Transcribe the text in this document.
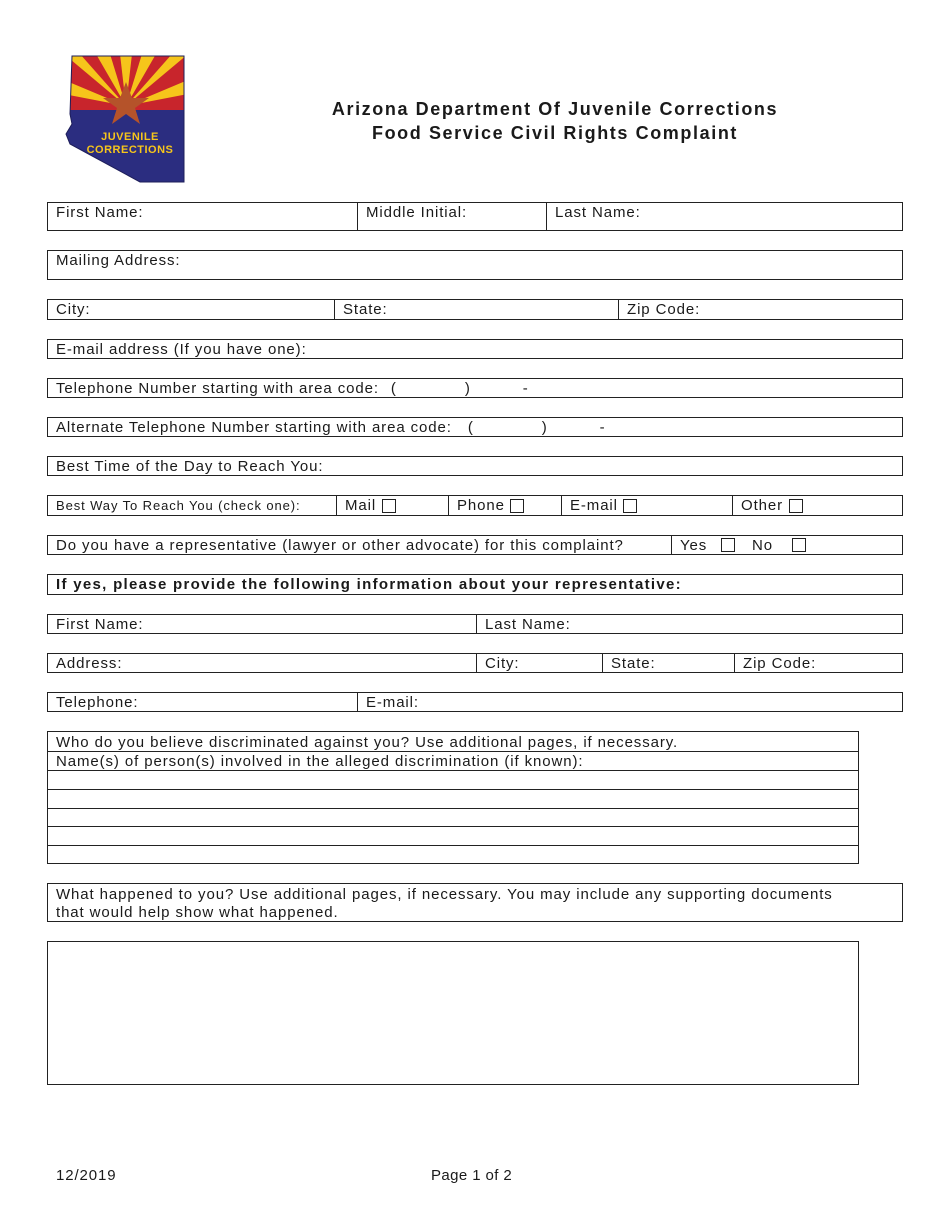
JUVENILE
CORRECTIONS
Arizona Department Of Juvenile Corrections
Food Service Civil Rights Complaint
First Name:	Middle Initial:	Last Name:
Mailing Address:
City:	State:	Zip Code:
E-mail address (If you have one):
Telephone Number starting with area code: (	)	-
Alternate Telephone Number starting with area code: (	)	-
Best Time of the Day to Reach You:
Best Way To Reach You (check one):	Mail	Phone	E-mail	Other
Do you have a representative (lawyer or other advocate) for this complaint?	Yes	No
If yes, please provide the following information about your representative:
First Name:	Last Name:
Address:	City:	State:	Zip Code:
Telephone:	E-mail:
Who do you believe discriminated against you? Use additional pages, if necessary.
Name(s) of person(s) involved in the alleged discrimination (if known):
What happened to you? Use additional pages, if necessary. You may include any supporting documents
that would help show what happened.
12/2019	Page 1 of 2
